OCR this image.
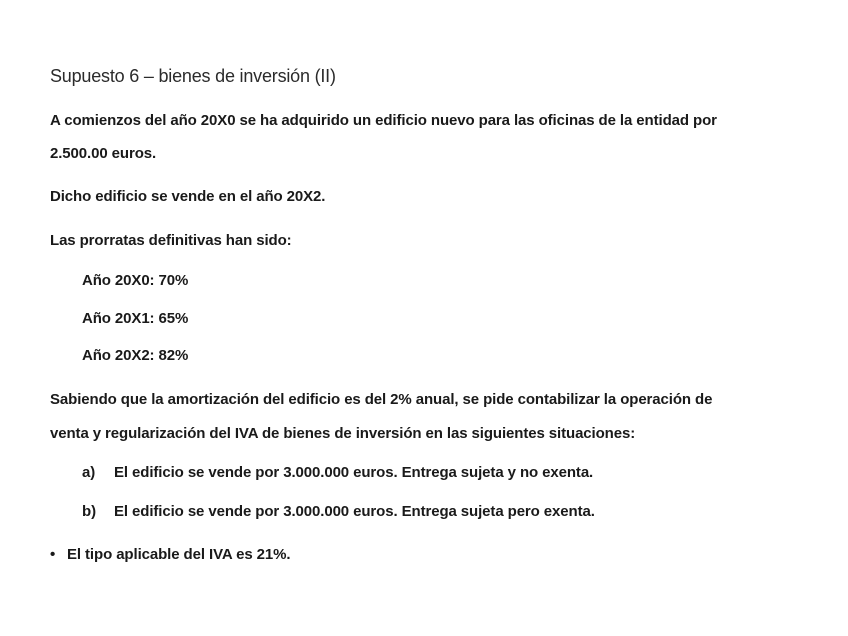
Supuesto 6 – bienes de inversión (II)
A comienzos del año 20X0 se ha adquirido un edificio nuevo para las oficinas de la entidad por
2.500.00 euros.
Dicho edificio se vende en el año 20X2.
Las prorratas definitivas han sido:
Año 20X0: 70%
Año 20X1: 65%
Año 20X2: 82%
Sabiendo que la amortización del edificio es del 2% anual, se pide contabilizar la operación de
venta y regularización del IVA de bienes de inversión en las siguientes situaciones:
a) El edificio se vende por 3.000.000 euros. Entrega sujeta y no exenta.
b) El edificio se vende por 3.000.000 euros. Entrega sujeta pero exenta.
• El tipo aplicable del IVA es 21%.
